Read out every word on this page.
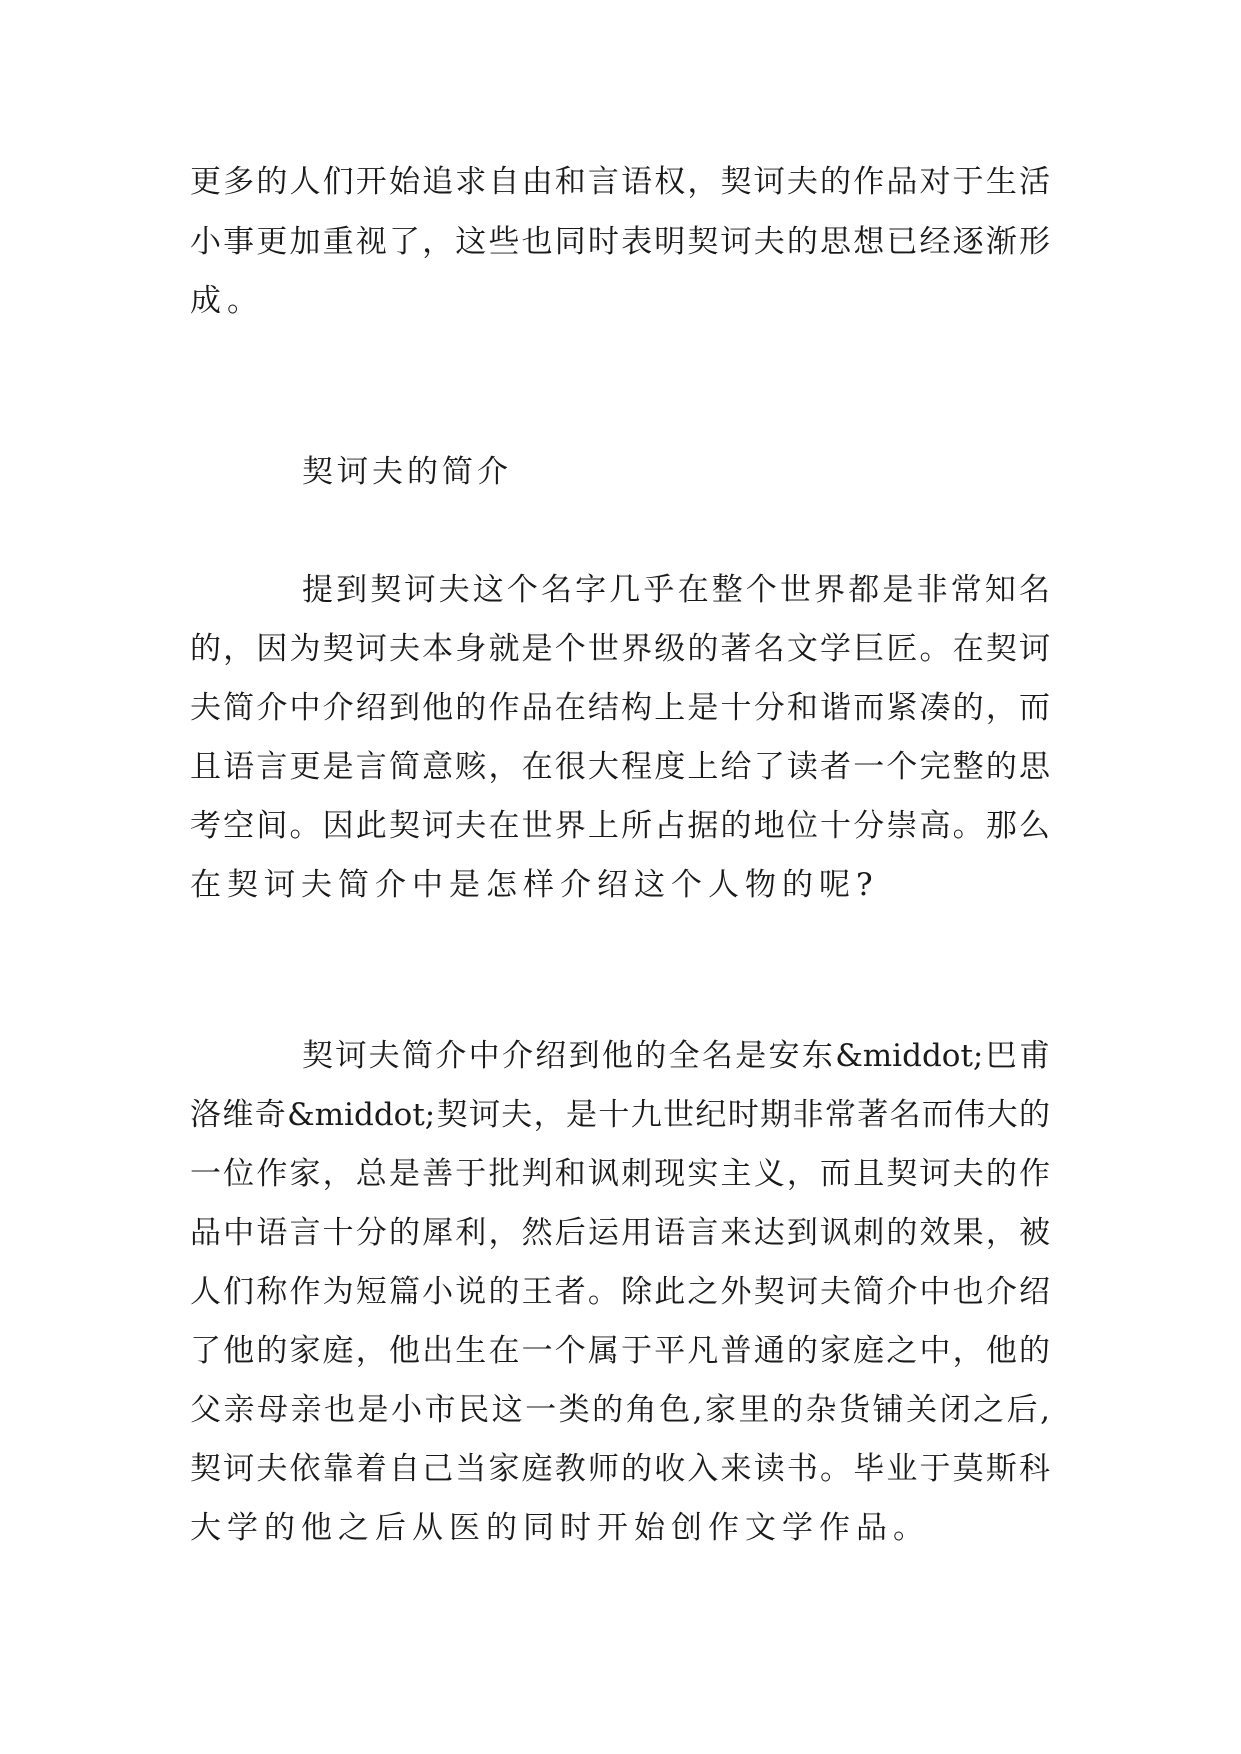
更多的人们开始追求自由和言语权，契诃夫的作品对于生活
小事更加重视了，这些也同时表明契诃夫的思想已经逐渐形
成。
契诃夫的简介
提到契诃夫这个名字几乎在整个世界都是非常知名
的，因为契诃夫本身就是个世界级的著名文学巨匠。在契诃
夫简介中介绍到他的作品在结构上是十分和谐而紧凑的，而
且语言更是言简意赅，在很大程度上给了读者一个完整的思
考空间。因此契诃夫在世界上所占据的地位十分崇高。那么
在契诃夫简介中是怎样介绍这个人物的呢?
契诃夫简介中介绍到他的全名是安东&middot;巴甫
洛维奇&middot;契诃夫，是十九世纪时期非常著名而伟大的
一位作家，总是善于批判和讽刺现实主义，而且契诃夫的作
品中语言十分的犀利，然后运用语言来达到讽刺的效果，被
人们称作为短篇小说的王者。除此之外契诃夫简介中也介绍
了他的家庭，他出生在一个属于平凡普通的家庭之中，他的
父亲母亲也是小市民这一类的角色,家里的杂货铺关闭之后,
契诃夫依靠着自己当家庭教师的收入来读书。毕业于莫斯科
大学的他之后从医的同时开始创作文学作品。
